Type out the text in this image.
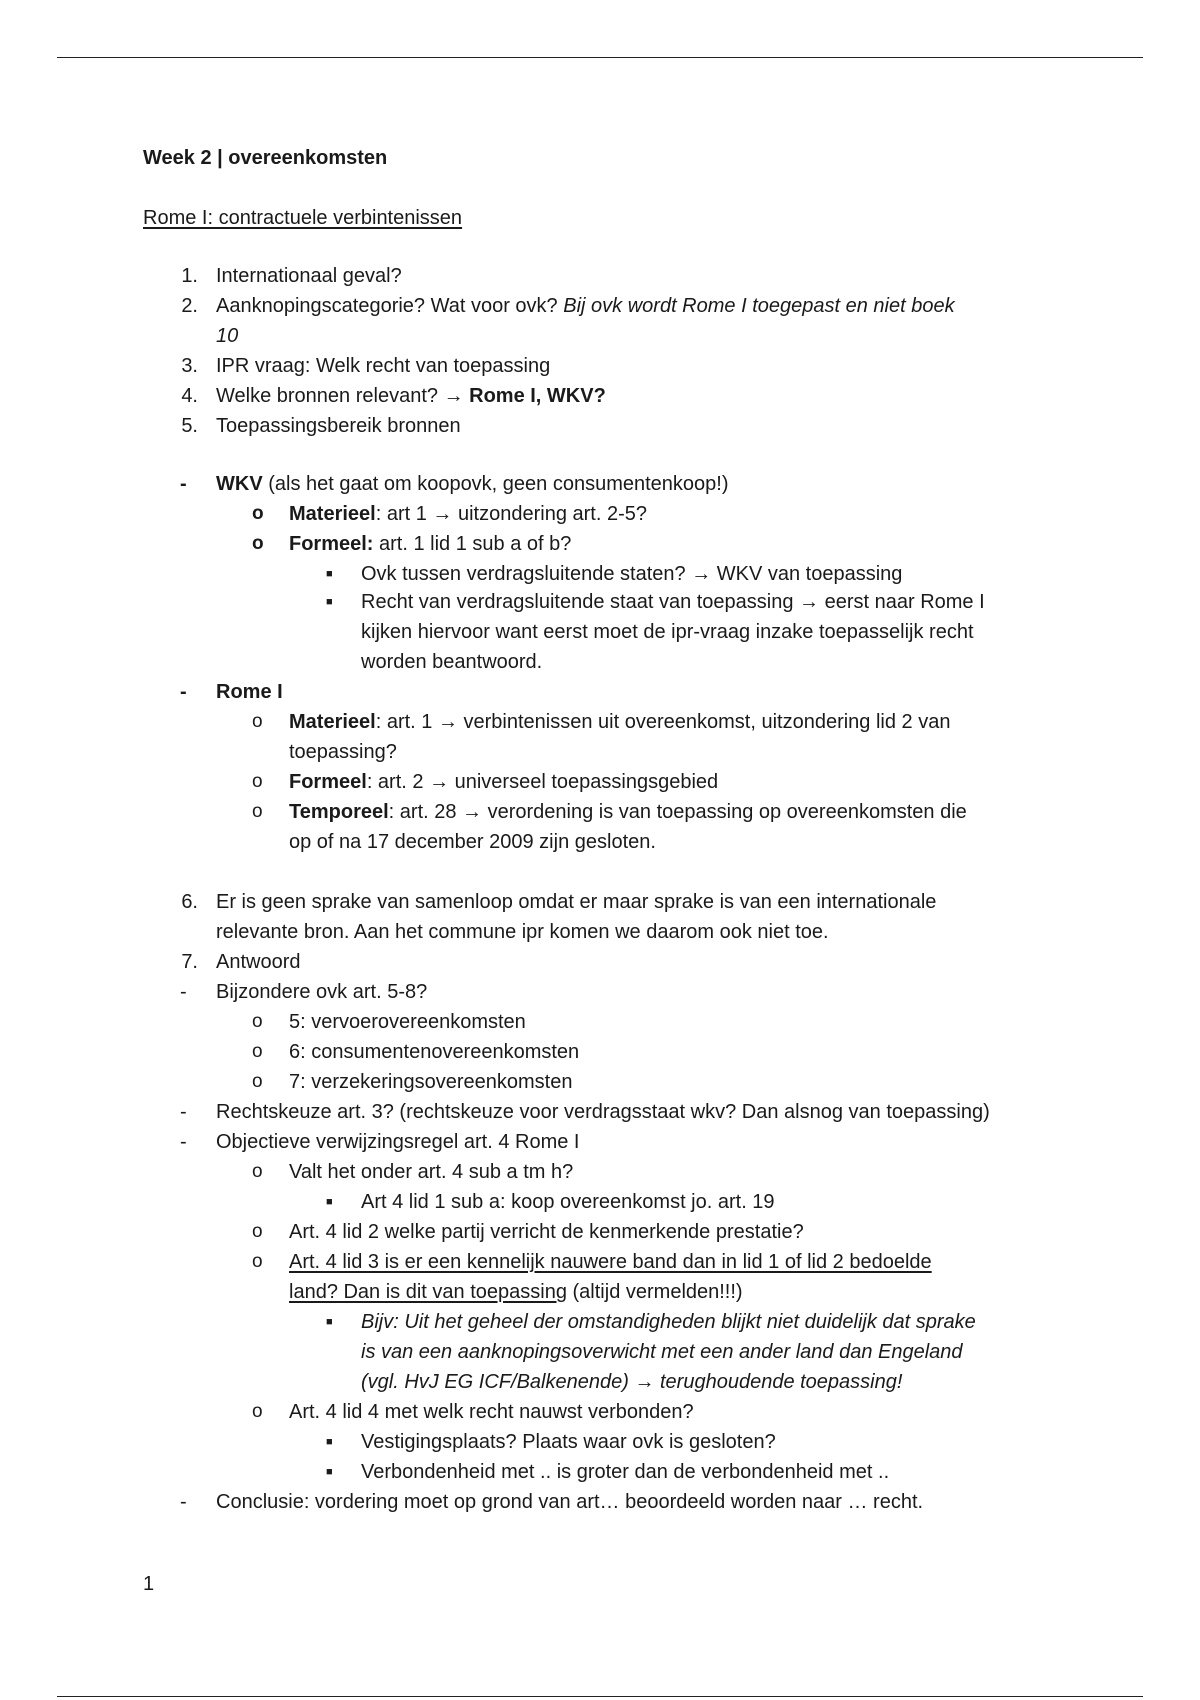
Week 2 | overeenkomsten
Rome I: contractuele verbintenissen
1. Internationaal geval?
2. Aanknopingscategorie? Wat voor ovk? Bij ovk wordt Rome I toegepast en niet boek
10
3. IPR vraag: Welk recht van toepassing
4. Welke bronnen relevant? → Rome I, WKV?
5. Toepassingsbereik bronnen
- WKV (als het gaat om koopovk, geen consumentenkoop!)
o Materieel: art 1 → uitzondering art. 2-5?
o Formeel: art. 1 lid 1 sub a of b?
■ Ovk tussen verdragsluitende staten? → WKV van toepassing
■ Recht van verdragsluitende staat van toepassing → eerst naar Rome I
kijken hiervoor want eerst moet de ipr-vraag inzake toepasselijk recht
worden beantwoord.
- Rome I
o Materieel: art. 1 → verbintenissen uit overeenkomst, uitzondering lid 2 van
toepassing?
o Formeel: art. 2 → universeel toepassingsgebied
o Temporeel: art. 28 → verordening is van toepassing op overeenkomsten die
op of na 17 december 2009 zijn gesloten.
6. Er is geen sprake van samenloop omdat er maar sprake is van een internationale
relevante bron. Aan het commune ipr komen we daarom ook niet toe.
7. Antwoord
- Bijzondere ovk art. 5-8?
o 5: vervoerovereenkomsten
o 6: consumentenovereenkomsten
o 7: verzekeringsovereenkomsten
- Rechtskeuze art. 3? (rechtskeuze voor verdragsstaat wkv? Dan alsnog van toepassing)
- Objectieve verwijzingsregel art. 4 Rome I
o Valt het onder art. 4 sub a tm h?
■ Art 4 lid 1 sub a: koop overeenkomst jo. art. 19
o Art. 4 lid 2 welke partij verricht de kenmerkende prestatie?
o Art. 4 lid 3 is er een kennelijk nauwere band dan in lid 1 of lid 2 bedoelde
land? Dan is dit van toepassing (altijd vermelden!!!)
■ Bijv: Uit het geheel der omstandigheden blijkt niet duidelijk dat sprake
is van een aanknopingsoverwicht met een ander land dan Engeland
(vgl. HvJ EG ICF/Balkenende) → terughoudende toepassing!
o Art. 4 lid 4 met welk recht nauwst verbonden?
■ Vestigingsplaats? Plaats waar ovk is gesloten?
■ Verbondenheid met .. is groter dan de verbondenheid met ..
- Conclusie: vordering moet op grond van art… beoordeeld worden naar … recht.
1
